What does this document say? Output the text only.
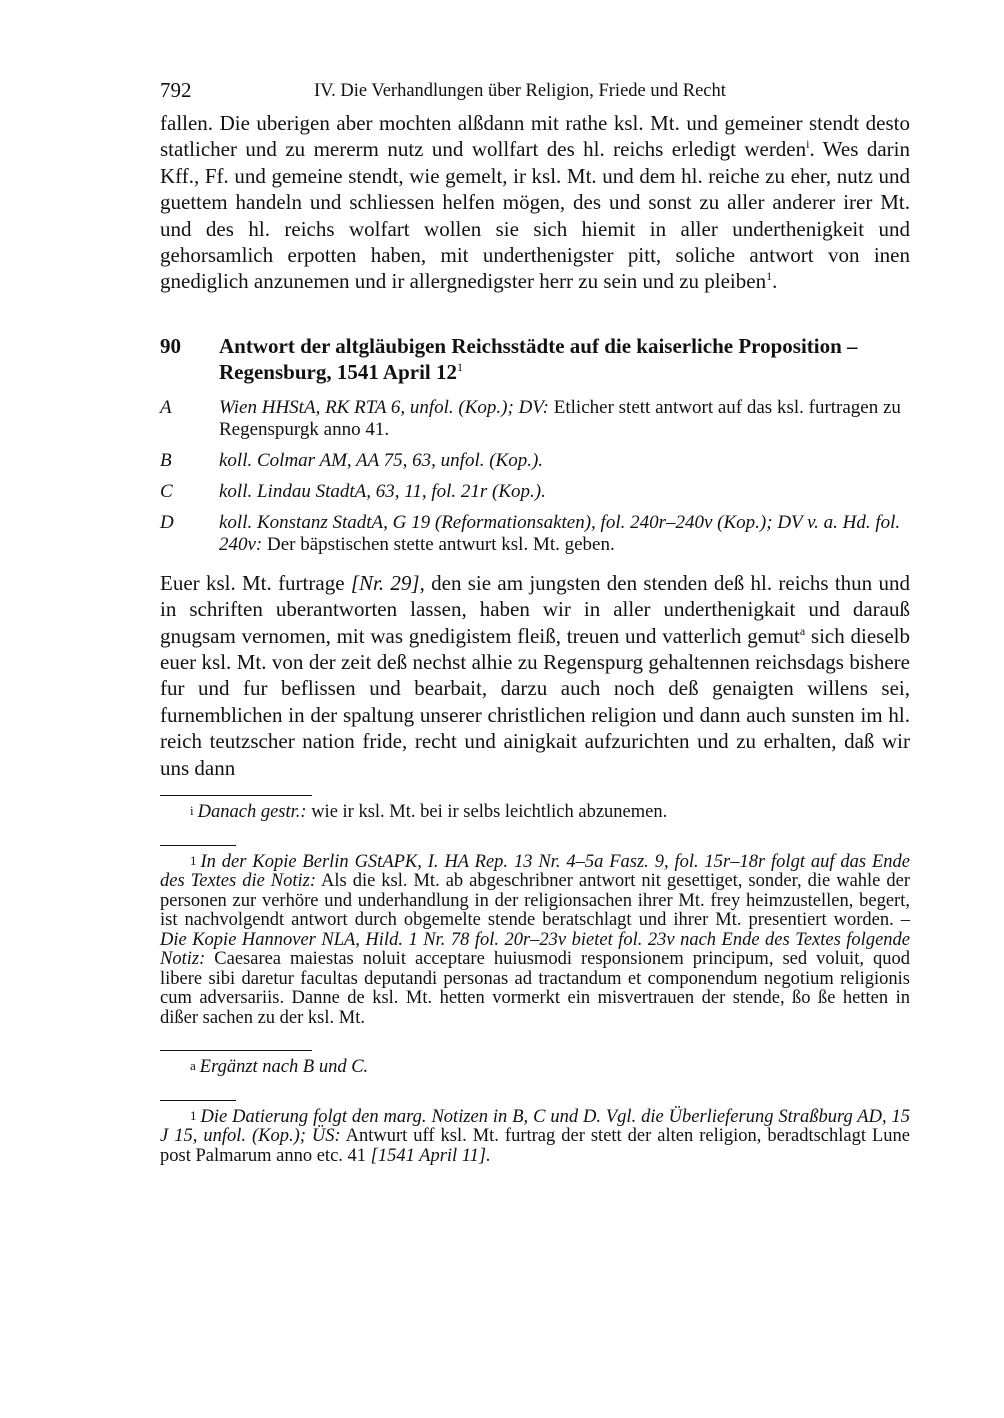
792	IV. Die Verhandlungen über Religion, Friede und Recht

fallen. Die uberigen aber mochten alßdann mit rathe ksl. Mt. und gemeiner stendt desto statlicher und zu mererm nutz und wollfart des hl. reichs erledigt werden$^i$. Wes darin Kff., Ff. und gemeine stendt, wie gemelt, ir ksl. Mt. und dem hl. reiche zu eher, nutz und guettem handeln und schliessen helfen mögen, des und sonst zu aller anderer irer Mt. und des hl. reichs wolfart wollen sie sich hiemit in aller underthenigkeit und gehorsamlich erpotten haben, mit underthenigster pitt, soliche antwort von inen gnediglich anzunemen und ir allergnedigster herr zu sein und zu pleiben$^1$.

90	Antwort der altgläubigen Reichsstädte auf die kaiserliche Proposition – Regensburg, 1541 April $12^1$
A	Wien HHStA, RK RTA 6, unfol. (Kop.); DV: Etlicher stett antwort auf das ksl. furtragen zu Regenspurgk anno 41.
B	koll. Colmar AM, AA 75, 63, unfol. (Kop.).
C	koll. Lindau StadtA, 63, 11, fol. 21r (Kop.).
D	koll. Konstanz StadtA, G 19 (Reformationsakten), fol. 240r–240v (Kop.); DV v. a. Hd. fol. 240v: Der bäpstischen stette antwurt ksl. Mt. geben.

Euer ksl. Mt. furtrage [Nr. 29], den sie am jungsten den stenden deß hl. reichs thun und in schriften uberantworten lassen, haben wir in aller underthenigkait und darauß gnugsam vernomen, mit was gnedigistem fleiß, treuen und vatterlich gemut$^a$ sich dieselb euer ksl. Mt. von der zeit deß nechst alhie zu Regenspurg gehaltennen reichsdags bishere fur und fur beflissen und bearbait, darzu auch noch deß genaigten willens sei, furnemblichen in der spaltung unserer christlichen religion und dann auch sunsten im hl. reich teutzscher nation fride, recht und ainigkait aufzurichten und zu erhalten, daß wir uns dann

$^i$ Danach gestr.: wie ir ksl. Mt. bei ir selbs leichtlich abzunemen.

$^1$ In der Kopie Berlin GStAPK, I. HA Rep. 13 Nr. 4–5a Fasz. 9, fol. 15r–18r folgt auf das Ende des Textes die Notiz: Als die ksl. Mt. ab abgeschribner antwort nit gesettiget, sonder, die wahle der personen zur verhöre und underhandlung in der religionsachen ihrer Mt. frey heimzustellen, begert, ist nachvolgendt antwort durch obgemelte stende beratschlagt und ihrer Mt. presentiert worden. – Die Kopie Hannover NLA, Hild. 1 Nr. 78 fol. 20r–23v bietet fol. 23v nach Ende des Textes folgende Notiz: Caesarea maiestas noluit acceptare huiusmodi responsionem principum, sed voluit, quod libere sibi daretur facultas deputandi personas ad tractandum et componendum negotium religionis cum adversariis. Danne de ksl. Mt. hetten vormerkt ein misvertrauen der stende, ßo ße hetten in dißer sachen zu der ksl. Mt.

$^a$ Ergänzt nach B und C.

$^1$ Die Datierung folgt den marg. Notizen in B, C und D. Vgl. die Überlieferung Straßburg AD, 15 J 15, unfol. (Kop.); ÜS: Antwurt uff ksl. Mt. furtrag der stett der alten religion, beradtschlagt Lune post Palmarum anno etc. 41 [1541 April 11].
